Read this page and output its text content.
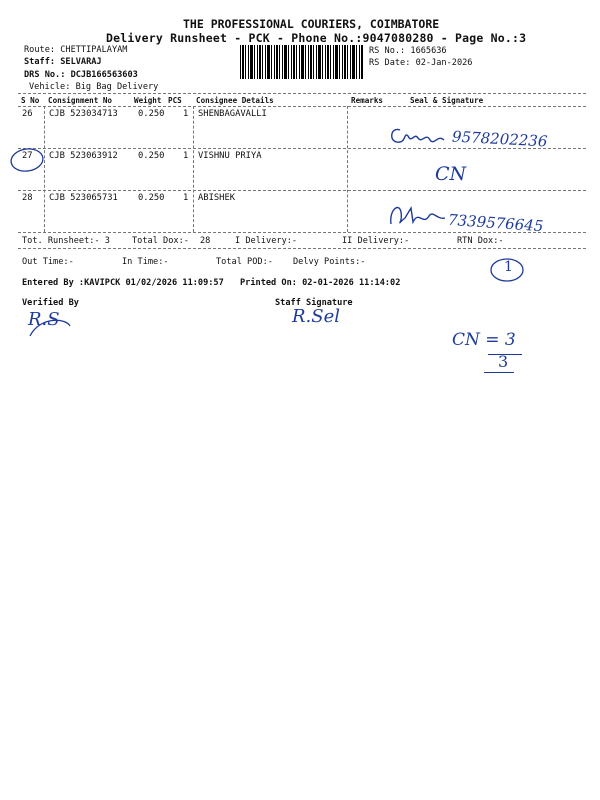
THE PROFESSIONAL COURIERS, COIMBATORE
Delivery Runsheet - PCK - Phone No.:9047080280 - Page No.:3
Route: CHETTIPALAYAM
Staff: SELVARAJ
DRS No.: DCJB166563603
Vehicle: Big Bag Delivery
RS No.: 1665636
RS Date: 02-Jan-2026
S No Consignment No	Weight PCS Consignee Details	Remarks	Seal & Signature
26 CJB 523034713 0.250 1 SHENBAGAVALLI
27 CJB 523063912 0.250 1 VISHNU PRIYA
28 CJB 523065731 0.250 1 ABISHEK
Tot. Runsheet:- 3	Total Dox:- 28	I Delivery:-	II Delivery:-	RTN Dox:-
Out Time:-	In Time:-	Total POD:- Delvy Points:-
Entered By :KAVIPCK 01/02/2026 11:09:57 Printed On: 02-01-2026 11:14:02
Verified By	Staff Signature
9578202236
CN
7339576645
1
R.S	R.Sel
CN = 3
3
